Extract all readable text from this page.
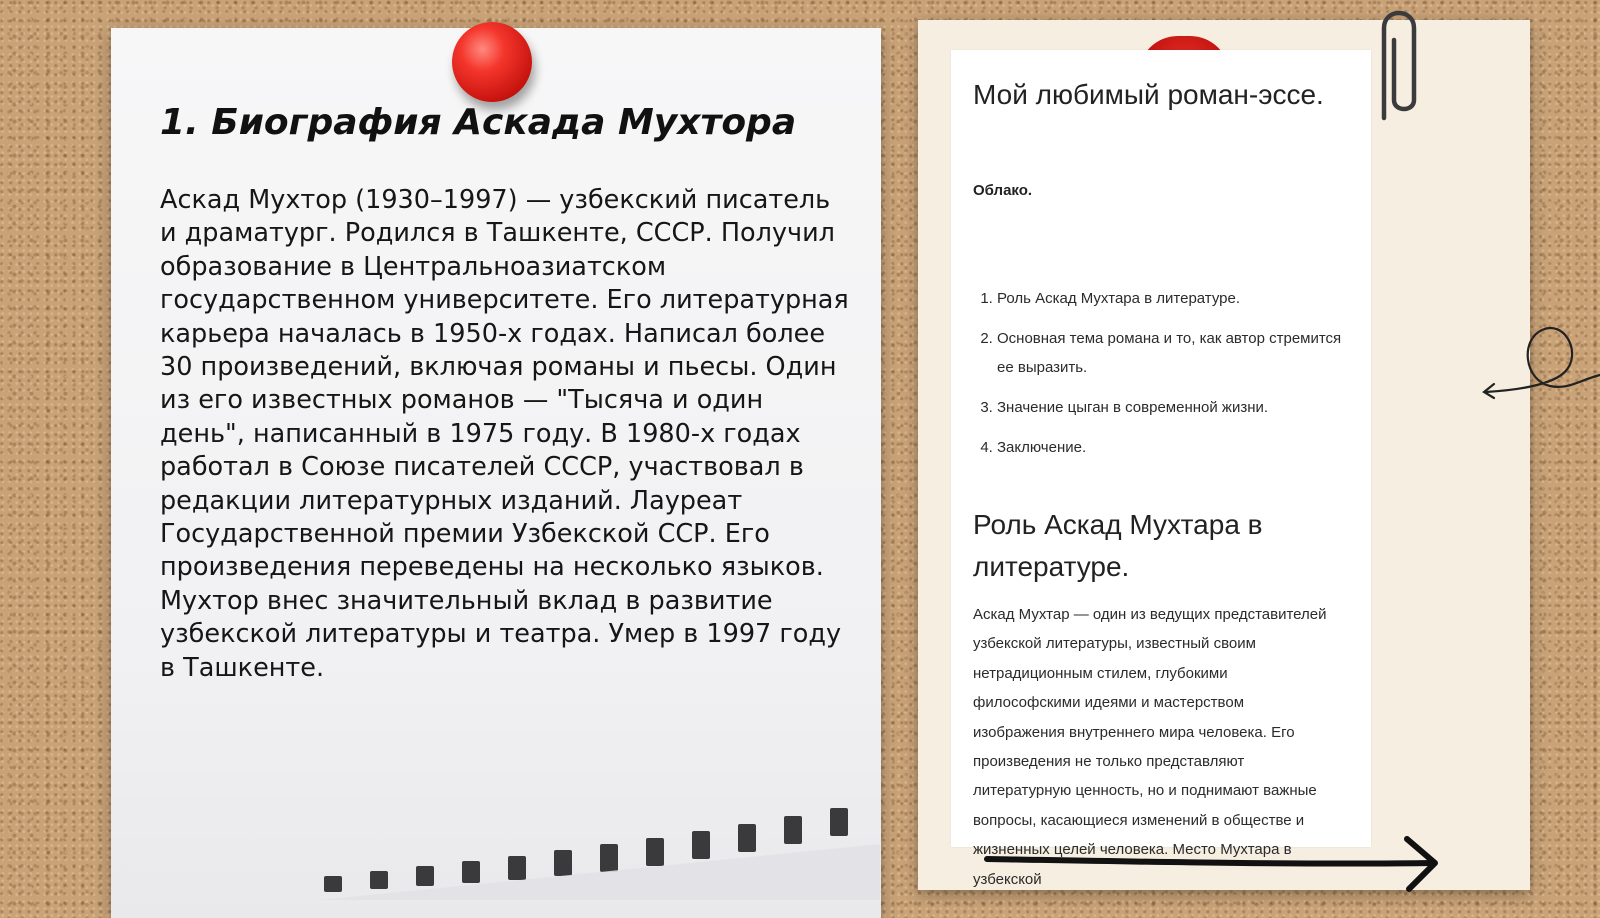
1. Биография Аскада Мухтора

Аскад Мухтор (1930–1997) — узбекский писатель и драматург. Родился в Ташкенте, СССР. Получил образование в Центральноазиатском государственном университете. Его литературная карьера началась в 1950-х годах. Написал более 30 произведений, включая романы и пьесы. Один из его известных романов — "Тысяча и один день", написанный в 1975 году. В 1980-х годах работал в Союзе писателей СССР, участвовал в редакции литературных изданий. Лауреат Государственной премии Узбекской ССР. Его произведения переведены на несколько языков. Мухтор внес значительный вклад в развитие узбекской литературы и театра. Умер в 1997 году в Ташкенте.

Мой любимый роман-эссе.

Облако.

1. Роль Аскад Мухтара в литературе.
2. Основная тема романа и то, как автор стремится ее выразить.
3. Значение цыган в современной жизни.
4. Заключение.
Роль Аскад Мухтара в литературе.

Аскад Мухтар — один из ведущих представителей узбекской литературы, известный своим нетрадиционным стилем, глубокими философскими идеями и мастерством изображения внутреннего мира человека. Его произведения не только представляют литературную ценность, но и поднимают важные вопросы, касающиеся изменений в обществе и жизненных целей человека. Место Мухтара в узбекской
